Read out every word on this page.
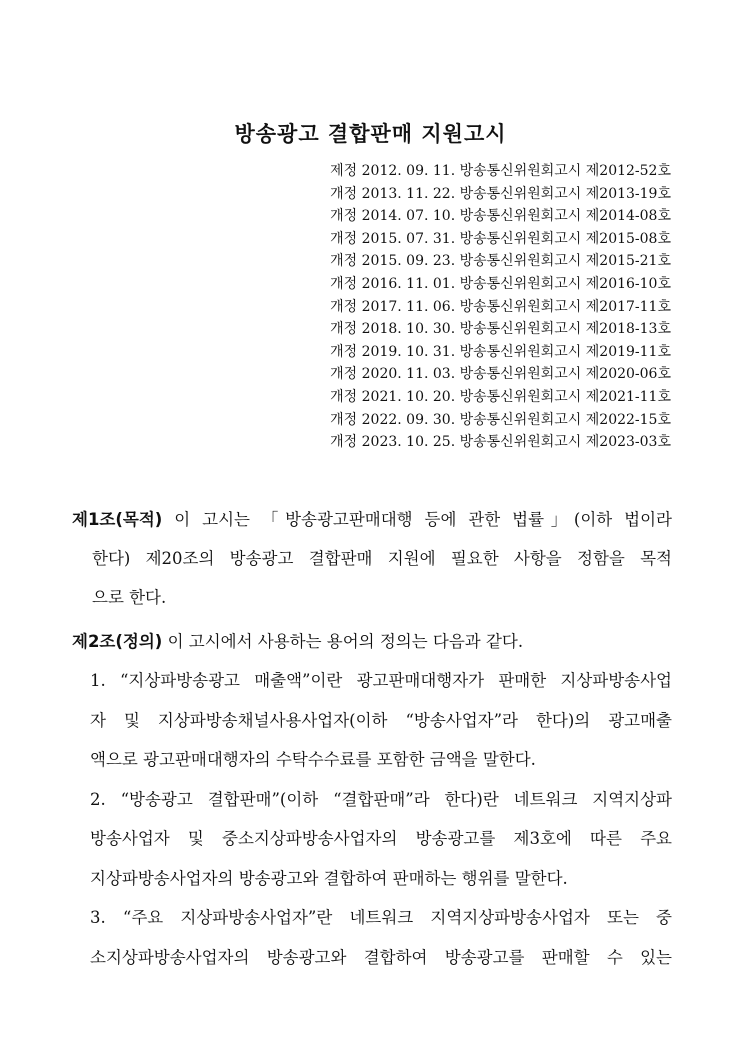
방송광고 결합판매 지원고시
제정 2012. 09. 11. 방송통신위원회고시 제2012-52호
개정 2013. 11. 22. 방송통신위원회고시 제2013-19호
개정 2014. 07. 10. 방송통신위원회고시 제2014-08호
개정 2015. 07. 31. 방송통신위원회고시 제2015-08호
개정 2015. 09. 23. 방송통신위원회고시 제2015-21호
개정 2016. 11. 01. 방송통신위원회고시 제2016-10호
개정 2017. 11. 06. 방송통신위원회고시 제2017-11호
개정 2018. 10. 30. 방송통신위원회고시 제2018-13호
개정 2019. 10. 31. 방송통신위원회고시 제2019-11호
개정 2020. 11. 03. 방송통신위원회고시 제2020-06호
개정 2021. 10. 20. 방송통신위원회고시 제2021-11호
개정 2022. 09. 30. 방송통신위원회고시 제2022-15호
개정 2023. 10. 25. 방송통신위원회고시 제2023-03호
제1조(목적) 이 고시는 「방송광고판매대행 등에 관한 법률」(이하 법이라
한다) 제20조의 방송광고 결합판매 지원에 필요한 사항을 정함을 목적
으로 한다.
제2조(정의) 이 고시에서 사용하는 용어의 정의는 다음과 같다.
1. “지상파방송광고 매출액”이란 광고판매대행자가 판매한 지상파방송사업
자 및 지상파방송채널사용사업자(이하 “방송사업자”라 한다)의 광고매출
액으로 광고판매대행자의 수탁수수료를 포함한 금액을 말한다.
2. “방송광고 결합판매”(이하 “결합판매”라 한다)란 네트워크 지역지상파
방송사업자 및 중소지상파방송사업자의 방송광고를 제3호에 따른 주요
지상파방송사업자의 방송광고와 결합하여 판매하는 행위를 말한다.
3. “주요 지상파방송사업자”란 네트워크 지역지상파방송사업자 또는 중
소지상파방송사업자의 방송광고와 결합하여 방송광고를 판매할 수 있는
